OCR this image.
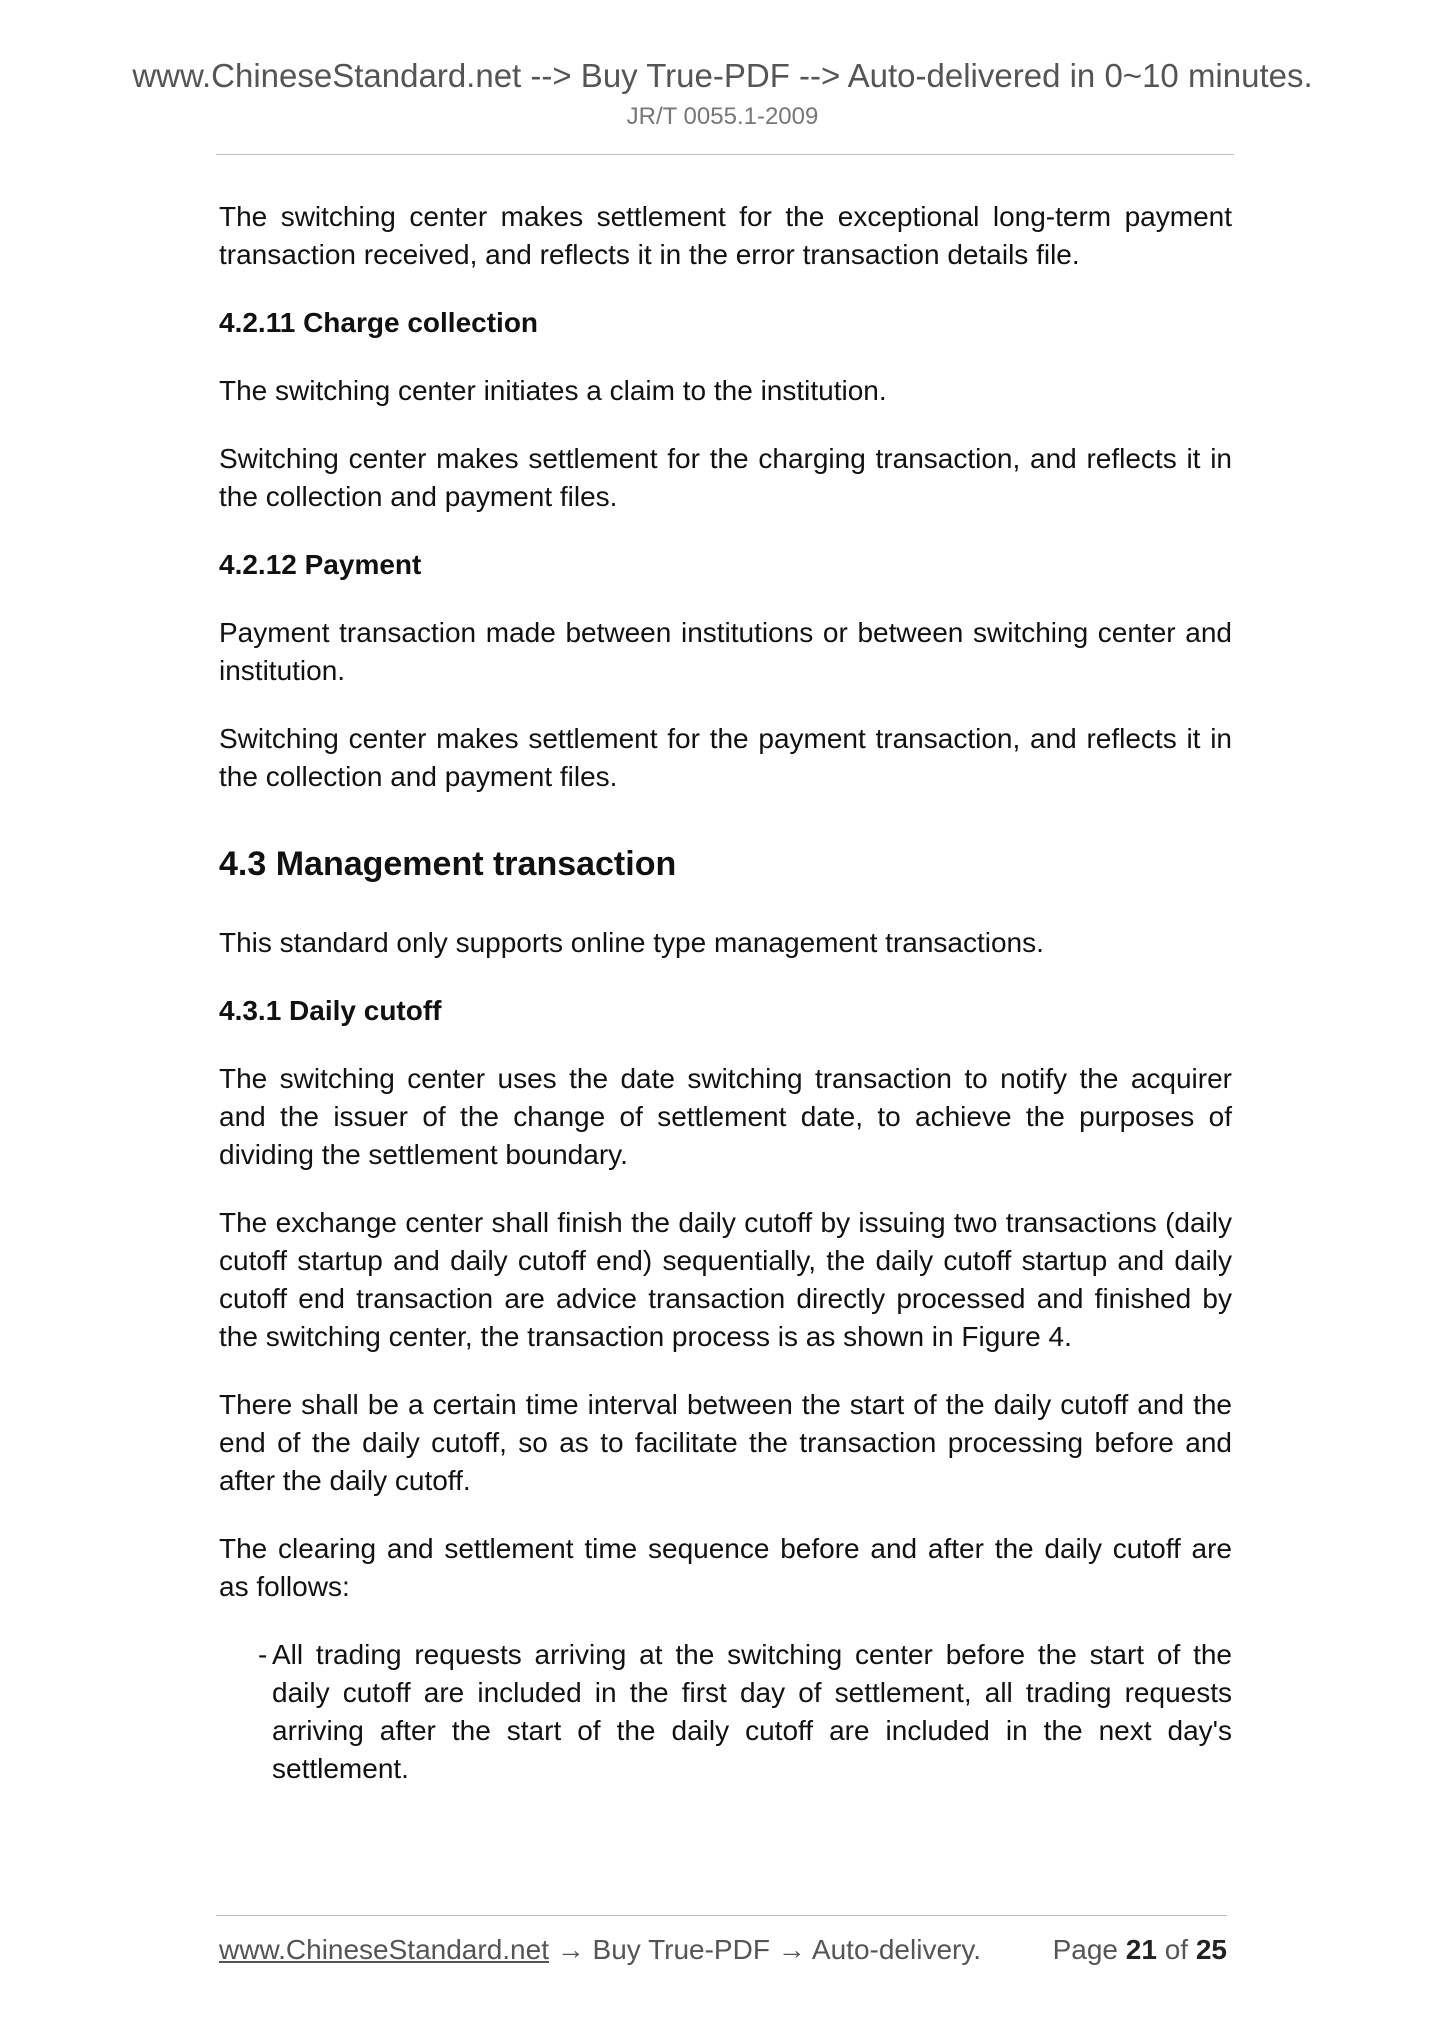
www.ChineseStandard.net --> Buy True-PDF --> Auto-delivered in 0~10 minutes.
JR/T 0055.1-2009

The switching center makes settlement for the exceptional long-term payment transaction received, and reflects it in the error transaction details file.

4.2.11 Charge collection

The switching center initiates a claim to the institution.

Switching center makes settlement for the charging transaction, and reflects it in the collection and payment files.

4.2.12 Payment

Payment transaction made between institutions or between switching center and institution.

Switching center makes settlement for the payment transaction, and reflects it in the collection and payment files.

4.3 Management transaction

This standard only supports online type management transactions.

4.3.1 Daily cutoff

The switching center uses the date switching transaction to notify the acquirer and the issuer of the change of settlement date, to achieve the purposes of dividing the settlement boundary.

The exchange center shall finish the daily cutoff by issuing two transactions (daily cutoff startup and daily cutoff end) sequentially, the daily cutoff startup and daily cutoff end transaction are advice transaction directly processed and finished by the switching center, the transaction process is as shown in Figure 4.

There shall be a certain time interval between the start of the daily cutoff and the end of the daily cutoff, so as to facilitate the transaction processing before and after the daily cutoff.

The clearing and settlement time sequence before and after the daily cutoff are as follows:

- All trading requests arriving at the switching center before the start of the daily cutoff are included in the first day of settlement, all trading requests arriving after the start of the daily cutoff are included in the next day's settlement.
www.ChineseStandard.net → Buy True-PDF → Auto-delivery.	Page 21 of 25
